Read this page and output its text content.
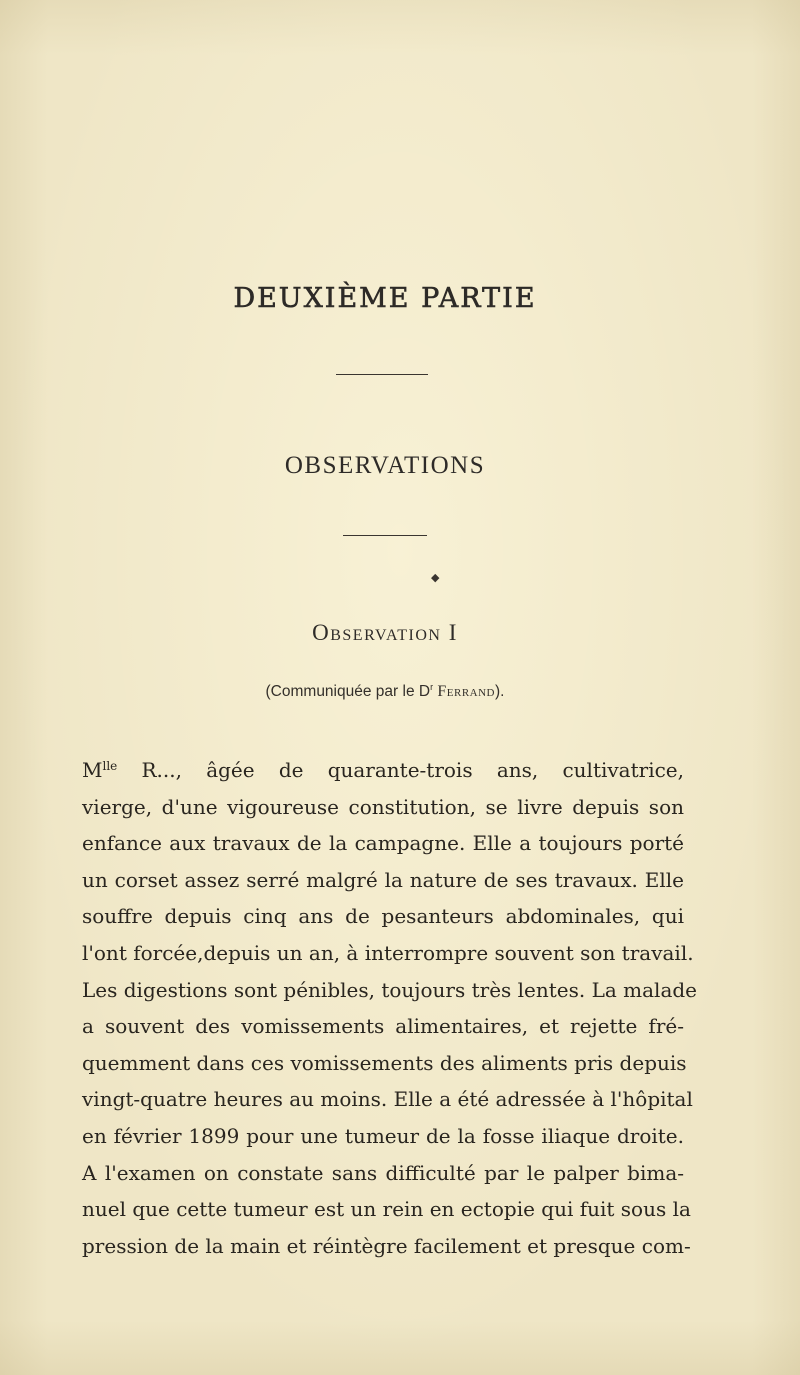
DEUXIÈME PARTIE
OBSERVATIONS
◆
Observation I
(Communiquée par le $D^r$ Ferrand).
$M^{lle}$ R..., âgée de quarante-trois ans, cultivatrice,
vierge, d'une vigoureuse constitution, se livre depuis son
enfance aux travaux de la campagne. Elle a toujours porté
un corset assez serré malgré la nature de ses travaux. Elle
souffre depuis cinq ans de pesanteurs abdominales, qui
l'ont forcée,depuis un an, à interrompre souvent son travail.
Les digestions sont pénibles, toujours très lentes. La malade
a souvent des vomissements alimentaires, et rejette fré-
quemment dans ces vomissements des aliments pris depuis
vingt-quatre heures au moins. Elle a été adressée à l'hôpital
en février 1899 pour une tumeur de la fosse iliaque droite.
A l'examen on constate sans difficulté par le palper bima-
nuel que cette tumeur est un rein en ectopie qui fuit sous la
pression de la main et réintègre facilement et presque com-
